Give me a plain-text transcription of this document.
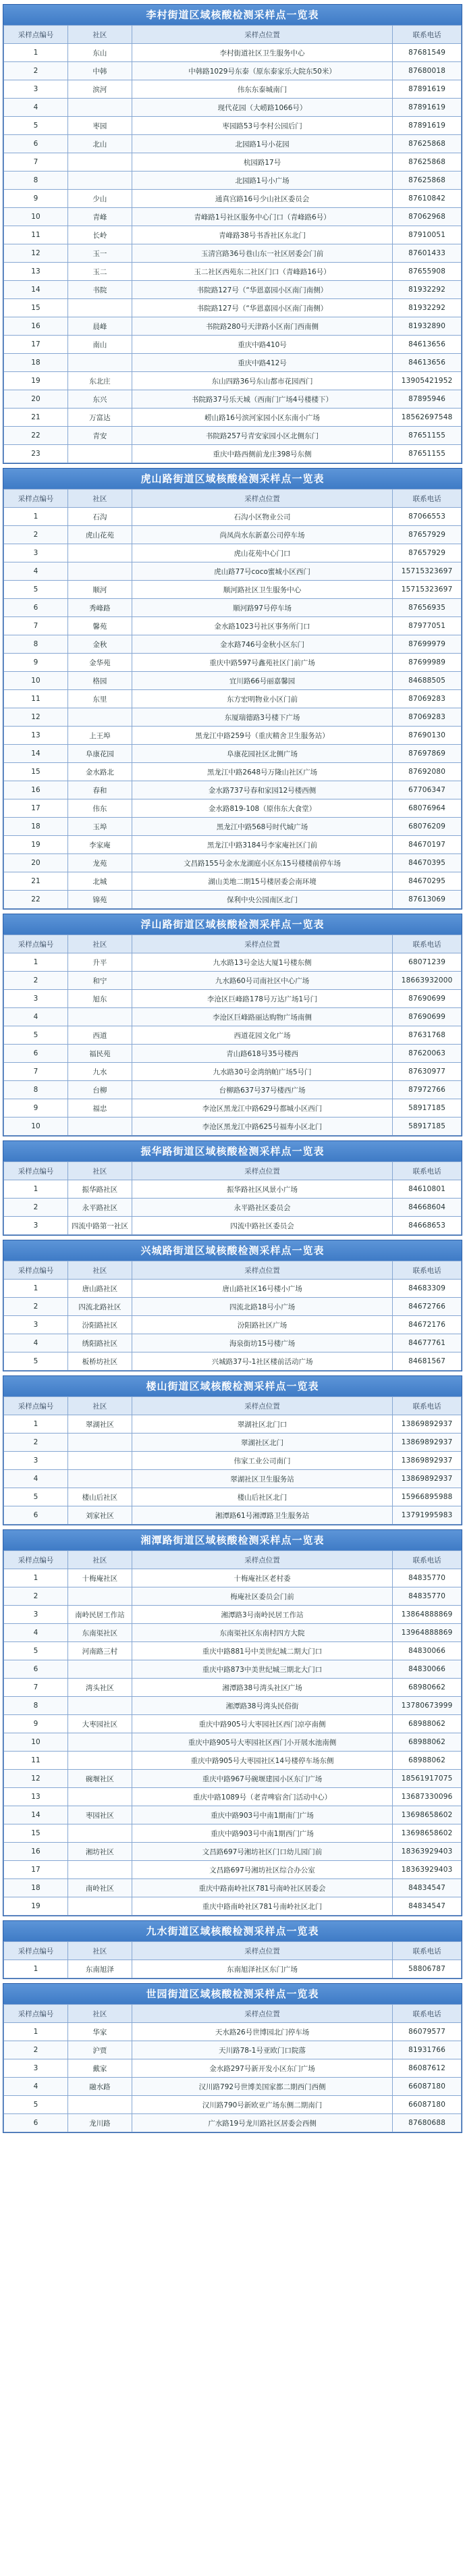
李村街道区域核酸检测采样点一览表
采样点编号	社区	采样点位置	联系电话
1	东山	李村街道社区卫生服务中心	87681549
2	中韩	中韩路1029号东泰（原东泰家乐大院东50米）	87680018
3	滨河	伟东东泰城南门	87891619
4		现代花园（大崂路1066号）	87891619
5	枣园	枣园路53号李村公园后门	87891619
6	北山	北园路1号小花园	87625868
7		杭园路17号	87625868
8		北园路1号小广场	87625868
9	少山	通真宫路16号少山社区委员会	87610842
10	青峰	青峰路1号社区服务中心门口（青峰路6号）	87062968
11	长岭	青峰路38号书香社区东北门	87910051
12	玉一	玉清宫路36号巷山东一社区居委会门前	87601433
13	玉二	玉二社区西苑东二社区门口（青峰路16号）	87655908
14	书院	书院路127号（“华恩嘉园小区南门南侧）	81932292
15		书院路127号（“华恩嘉园小区南门南侧）	81932292
16	晨峰	书院路280号天津路小区南门西南侧	81932890
17	南山	重庆中路410号	84613656
18		重庆中路412号	84613656
19	东北庄	东山四路36号东山都市花园西门	13905421952
20	东兴	书院路37号乐天城（西南门广场4号楼楼下）	87895946
21	万富达	崂山路16号滨河家园小区东南小广场	18562697548
22	青安	书院路257号青安家园小区北侧东门	87651155
23		重庆中路西侧前龙庄398号东侧	87651155
虎山路街道区域核酸检测采样点一览表
采样点编号	社区	采样点位置	联系电话
1	石沟	石沟小区物业公司	87066553
2	虎山花苑	尚凤尚水东新嘉公司停车场	87657929
3		虎山花苑中心门口	87657929
4		虎山路77号coco蜜城小区西门	15715323697
5	顺河	顺河路社区卫生服务中心	15715323697
6	秀峰路	顺河路97号停车场	87656935
7	馨苑	金水路1023号社区事务所门口	87977051
8	金秋	金水路746号金秋小区东门	87699979
9	金华苑	重庆中路597号鑫苑社区门前广场	87699989
10	格园	宜川路66号丽嘉馨园	84688505
11	东里	东方宏明物业小区门前	87069283
12		东厦瑞德路3号楼下广场	87069283
13	上王埠	黑龙江中路259号（重庆精舍卫生服务站）	87690130
14	阜康花园	阜康花园社区北侧广场	87697869
15	金水路北	黑龙江中路2648号万隆山社区广场	87692080
16	春和	金水路737号春和家园12号楼西侧	67706347
17	伟东	金水路819-108（原伟东大食堂）	68076964
18	玉埠	黑龙江中路568号时代城广场	68076209
19	李家庵	黑龙江中路3184号李家庵社区门前	84670197
20	龙苑	文昌路155号金水龙湖庭小区东15号楼楼前停车场	84670395
21	北城	湖山美地二期15号楼居委会南环境	84670295
22	锦苑	保利中央公园南区北门	87613069
浮山路街道区域核酸检测采样点一览表
采样点编号	社区	采样点位置	联系电话
1	升平	九水路13号金达大厦1号楼东侧	68071239
2	和宁	九水路60号司南社区中心广场	18663932000
3	旭东	李沧区巨峰路178号万达广场1号门	87690699
4		李沧区巨峰路丽达购物广场南侧	87690699
5	西道	西道花园文化广场	87631768
6	福民苑	青山路618号35号楼西	87620063
7	九水	九水路30号金湾纳帕广场5号门	87630977
8	台柳	台柳路637号37号楼西广场	87972766
9	福忠	李沧区黑龙江中路629号都城小区西门	58917185
10		李沧区黑龙江中路625号福寿小区北门	58917185
振华路街道区域核酸检测采样点一览表
采样点编号	社区	采样点位置	联系电话
1	振华路社区	振华路社区风景小广场	84610801
2	永平路社区	永平路社区委员会	84668604
3	四流中路第一社区	四流中路社区委员会	84668653
兴城路街道区域核酸检测采样点一览表
采样点编号	社区	采样点位置	联系电话
1	唐山路社区	唐山路社区16号楼小广场	84683309
2	四流北路社区	四流北路18号小广场	84672766
3	汾阳路社区	汾阳路社区广场	84672176
4	绣阳路社区	海泉街坊15号楼广场	84677761
5	板桥坊社区	兴城路37号-1社区楼前活动广场	84681567
楼山街道区域核酸检测采样点一览表
采样点编号	社区	采样点位置	联系电话
1	翠湖社区	翠湖社区北门口	13869892937
2		翠湖社区北门	13869892937
3		伟家工业公司南门	13869892937
4		翠湖社区卫生服务站	13869892937
5	楼山后社区	楼山后社区北门	15966895988
6	刘家社区	湘潭路61号湘潭路卫生服务站	13791995983
湘潭路街道区域核酸检测采样点一览表
采样点编号	社区	采样点位置	联系电话
1	十梅庵社区	十梅庵社区老村委	84835770
2		梅庵社区委员会门前	84835770
3	南岭民居工作站	湘潭路3号南岭民居工作站	13864888869
4	东南渠社区	东南渠社区东南村四方大院	13964888869
5	河南路三村	重庆中路881号中美世纪城二期大门口	84830066
6		重庆中路873中美世纪城三期北大门口	84830066
7	湾头社区	湘潭路38号湾头社区广场	68980662
8		湘潭路38号湾头民俗街	13780673999
9	大枣园社区	重庆中路905号大枣园社区西门凉亭南侧	68988062
10		重庆中路905号大枣园社区西门小开展水池南侧	68988062
11		重庆中路905号大枣园社区14号楼停车场东侧	68988062
12	碗堰社区	重庆中路967号碗堰建园小区东门广场	18561917075
13		重庆中路1089号（老青啤宿舍门活动中心）	13687330096
14	枣园社区	重庆中路903号中南1期南门广场	13698658602
15		重庆中路903号中南1期西门广场	13698658602
16	湘坊社区	文昌路697号湘坊社区门口幼儿园门前	18363929403
17		文昌路697号湘坊社区综合办公室	18363929403
18	南岭社区	重庆中路南岭社区781号南岭社区居委会	84834547
19		重庆中路南岭社区781号南岭社区北门	84834547
九水街道区域核酸检测采样点一览表
采样点编号	社区	采样点位置	联系电话
1	东南旭泽	东南旭泽社区东门广场	58806787
世园街道区域核酸检测采样点一览表
采样点编号	社区	采样点位置	联系电话
1	华家	天水路26号世博园北门停车场	86079577
2	沪贾	天川路78-1号亚欧门口院落	81931766
3	戴家	金水路297号新开发小区东门广场	86087612
4	融水路	汉川路792号世博美国家都二期西门西侧	66087180
5		汉川路790号新欧亚广场东侧二期南门	66087180
6	龙川路	广水路19号龙川路社区居委会西侧	87680688
